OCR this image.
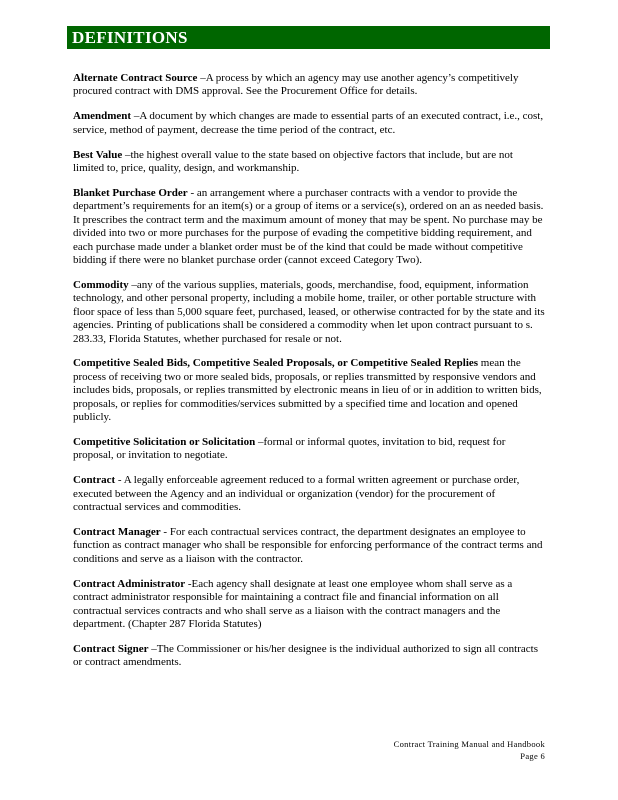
DEFINITIONS

Alternate Contract Source –A process by which an agency may use another agency’s competitively procured contract with DMS approval. See the Procurement Office for details.

Amendment –A document by which changes are made to essential parts of an executed contract, i.e., cost, service, method of payment, decrease the time period of the contract, etc.

Best Value –the highest overall value to the state based on objective factors that include, but are not limited to, price, quality, design, and workmanship.

Blanket Purchase Order - an arrangement where a purchaser contracts with a vendor to provide the department’s requirements for an item(s) or a group of items or a service(s), ordered on an as needed basis. It prescribes the contract term and the maximum amount of money that may be spent. No purchase may be divided into two or more purchases for the purpose of evading the competitive bidding requirement, and each purchase made under a blanket order must be of the kind that could be made without competitive bidding if there were no blanket purchase order (cannot exceed Category Two).

Commodity –any of the various supplies, materials, goods, merchandise, food, equipment, information technology, and other personal property, including a mobile home, trailer, or other portable structure with floor space of less than 5,000 square feet, purchased, leased, or otherwise contracted for by the state and its agencies. Printing of publications shall be considered a commodity when let upon contract pursuant to s. 283.33, Florida Statutes, whether purchased for resale or not.

Competitive Sealed Bids, Competitive Sealed Proposals, or Competitive Sealed Replies mean the process of receiving two or more sealed bids, proposals, or replies transmitted by responsive vendors and includes bids, proposals, or replies transmitted by electronic means in lieu of or in addition to written bids, proposals, or replies for commodities/services submitted by a specified time and location and opened publicly.

Competitive Solicitation or Solicitation –formal or informal quotes, invitation to bid, request for proposal, or invitation to negotiate.

Contract - A legally enforceable agreement reduced to a formal written agreement or purchase order, executed between the Agency and an individual or organization (vendor) for the procurement of contractual services and commodities.

Contract Manager - For each contractual services contract, the department designates an employee to function as contract manager who shall be responsible for enforcing performance of the contract terms and conditions and serve as a liaison with the contractor.

Contract Administrator -Each agency shall designate at least one employee whom shall serve as a contract administrator responsible for maintaining a contract file and financial information on all contractual services contracts and who shall serve as a liaison with the contract managers and the department. (Chapter 287 Florida Statutes)

Contract Signer –The Commissioner or his/her designee is the individual authorized to sign all contracts or contract amendments.

Contract Training Manual and Handbook
Page 6
